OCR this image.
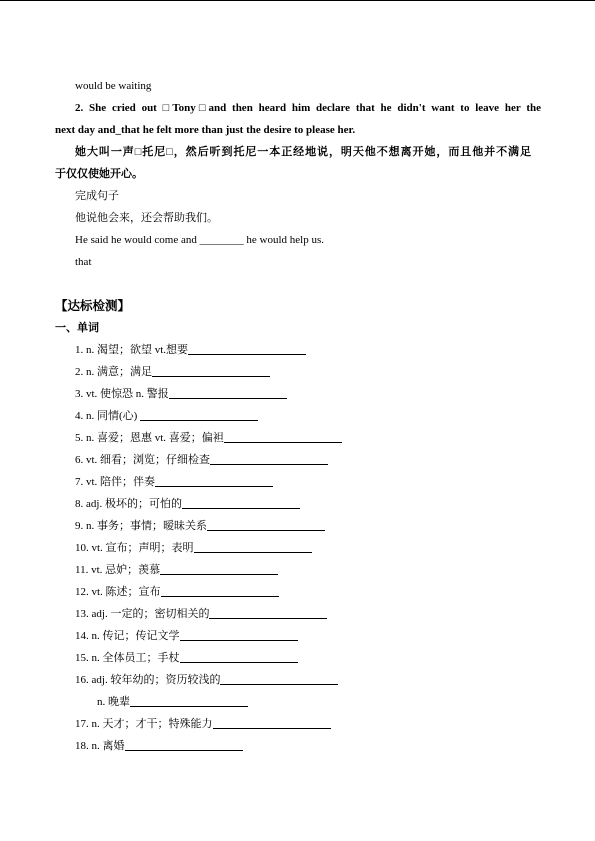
would be waiting
2. She cried out □Tony□and then heard him declare that he didn't want to leave her the
next day and_that he felt more than just the desire to please her.
她大叫一声□托尼□，然后听到托尼一本正经地说，明天他不想离开她，而且他并不满足
于仅仅使她开心。
完成句子
他说他会来，还会帮助我们。
He said he would come and ________ he would help us.
that
【达标检测】
一、单词
1. n. 渴望；欲望 vt.想要
2. n. 满意；满足
3. vt. 使惊恐 n. 警报
4. n. 同情(心)
5. n. 喜爱；恩惠 vt. 喜爱；偏袒
6. vt. 细看；浏览；仔细检查
7. vt. 陪伴；伴奏
8. adj. 极坏的；可怕的
9. n. 事务；事情；暧昧关系
10. vt. 宣布；声明；表明
11. vt. 忌妒；羡慕
12. vt. 陈述；宣布
13. adj. 一定的；密切相关的
14. n. 传记；传记文学
15. n. 全体员工；手杖
16. adj. 较年幼的；资历较浅的
n. 晚辈
17. n. 天才；才干；特殊能力
18. n. 离婚
